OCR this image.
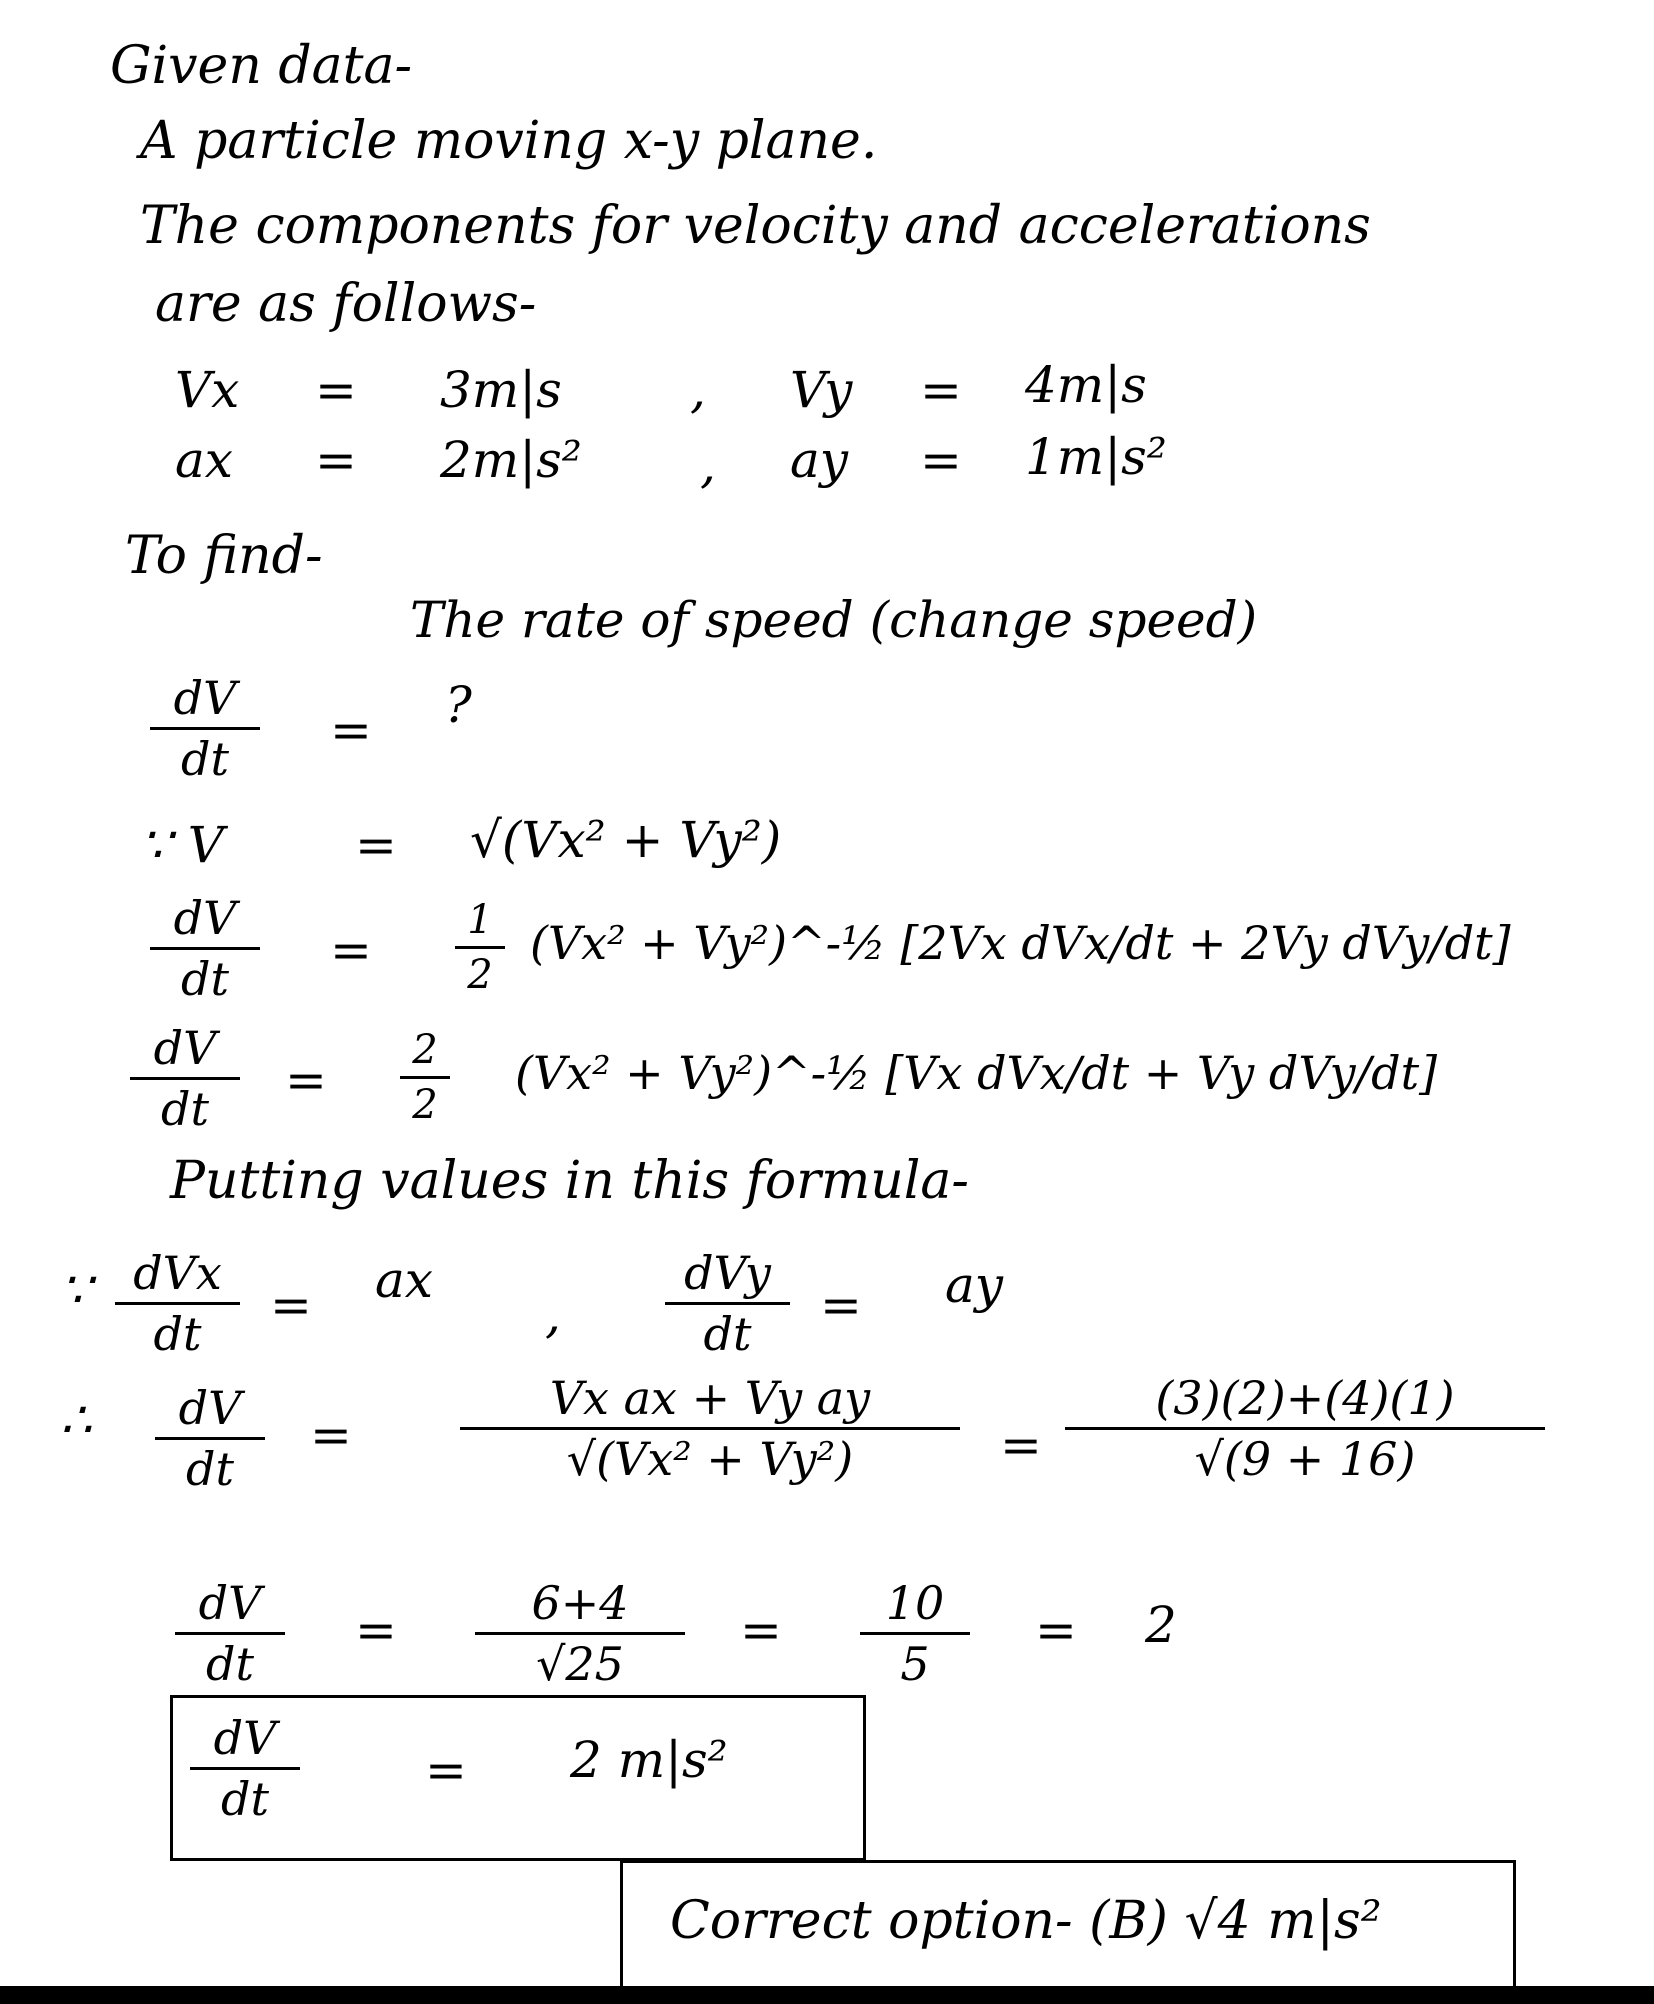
Given data-
A particle moving x-y plane.
The components for velocity and accelerations
are as follows-
Vx = 3m|s	, Vy = 4m|s
ax = 2m|s² , ay = 1m|s²
To find-
The rate of speed (change speed)
dV
dt	= ?
∵ V	= √(Vx² + Vy²)
dV
dt	=
1
2
(Vx² + Vy²)^-½ [2Vx dVx/dt + 2Vy dVy/dt]
dV
dt	=
2
2
(Vx² + Vy²)^-½ [Vx dVx/dt + Vy dVy/dt]
Putting values in this formula-
∵ dVx
dt	= ax
,
dVy
dt	= ay
∴	dV
dt
=
Vx ax + Vy ay
√(Vx² + Vy²)	=
(3)(2)+(4)(1)
√(9 + 16)
dV
dt
=	6+4
√25
=	10
5
= 2
dV
dt	= 2 m|s²
Correct option- (B) √4 m|s²
